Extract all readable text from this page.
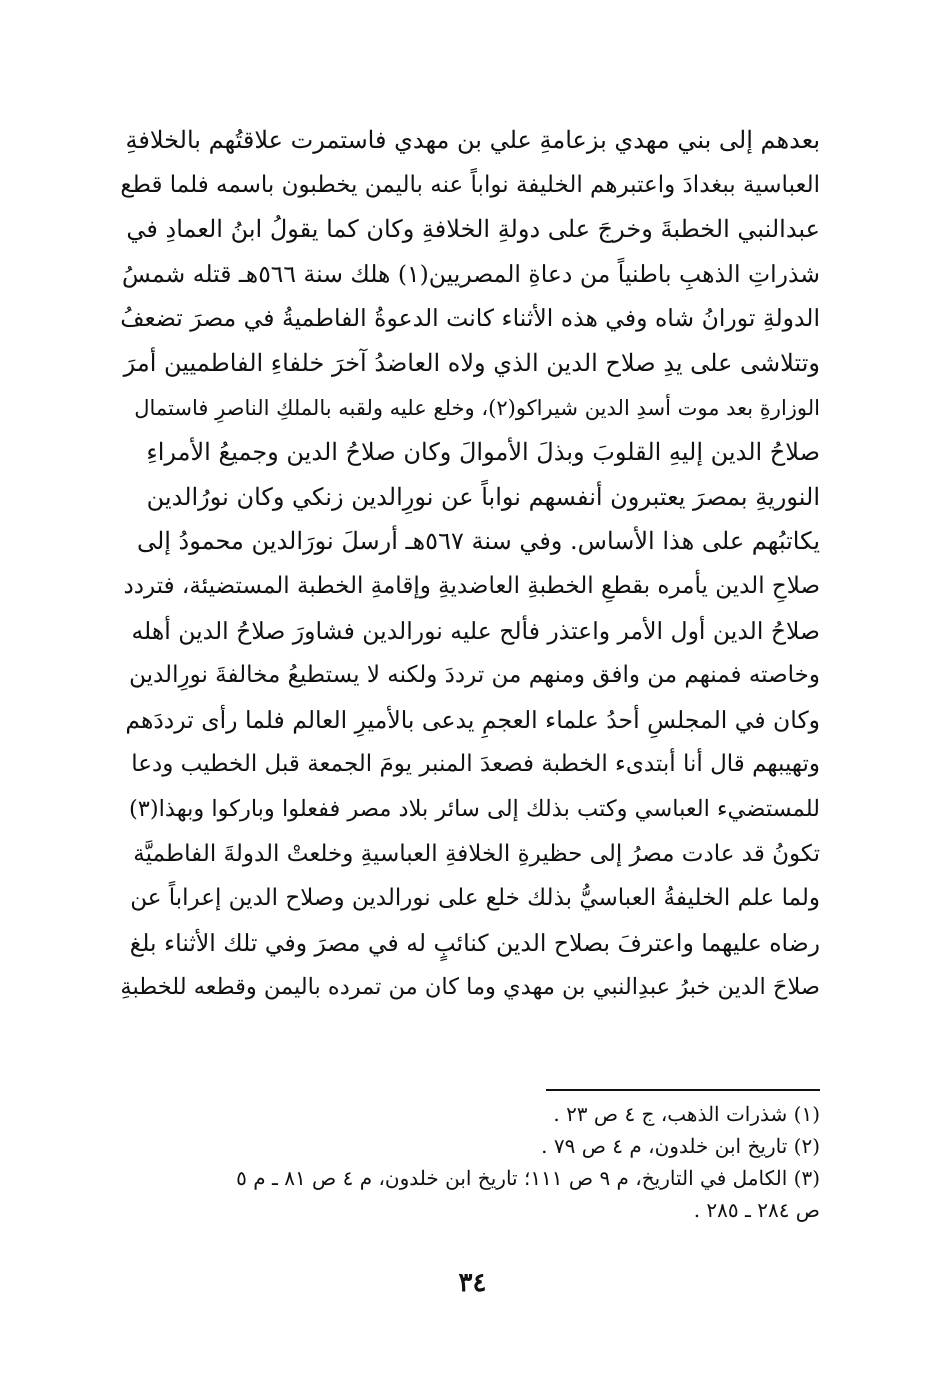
بعدهم إلى بني مهدي بزعامةِ علي بن مهدي فاستمرت علاقتُهم بالخلافةِ
العباسية ببغدادَ واعتبرهم الخليفة نواباً عنه باليمن يخطبون باسمه فلما قطع
عبدالنبي الخطبةَ وخرجَ على دولةِ الخلافةِ وكان كما يقولُ ابنُ العمادِ في
شذراتِ الذهبِ باطنياً من دعاةِ المصريين(١) هلك سنة ٥٦٦هـ قتله شمسُ
الدولةِ تورانُ شاه وفي هذه الأثناء كانت الدعوةُ الفاطميةُ في مصرَ تضعفُ
وتتلاشى على يدِ صلاح الدين الذي ولاه العاضدُ آخرَ خلفاءِ الفاطميين أمرَ
الوزارةِ بعد موت أسدِ الدين شيراكو(٢)، وخلع عليه ولقبه بالملكِ الناصرِ فاستمال
صلاحُ الدين إليهِ القلوبَ وبذلَ الأموالَ وكان صلاحُ الدين وجميعُ الأمراءِ
النوريةِ بمصرَ يعتبرون أنفسهم نواباً عن نورِالدين زنكي وكان نورُالدين
يكاتبُهم على هذا الأساس. وفي سنة ٥٦٧هـ أرسلَ نورَالدين محمودُ إلى
صلاحِ الدين يأمره بقطعِ الخطبةِ العاضديةِ وإقامةِ الخطبة المستضيئة، فتردد
صلاحُ الدين أول الأمر واعتذر فألح عليه نورالدين فشاورَ صلاحُ الدين أهله
وخاصته فمنهم من وافق ومنهم من ترددَ ولكنه لا يستطيعُ مخالفةَ نورِالدين
وكان في المجلسِ أحدُ علماء العجمِ يدعى بالأميرِ العالم فلما رأى ترددَهم
وتهيبهم قال أنا أبتدىء الخطبة فصعدَ المنبر يومَ الجمعة قبل الخطيب ودعا
للمستضيء العباسي وكتب بذلك إلى سائر بلاد مصر ففعلوا وباركوا وبهذا(٣)
تكونُ قد عادت مصرُ إلى حظيرةِ الخلافةِ العباسيةِ وخلعتْ الدولةَ الفاطميَّة
ولما علم الخليفةُ العباسيُّ بذلك خلع على نورالدين وصلاح الدين إعراباً عن
رضاه عليهما واعترفَ بصلاح الدين كنائبٍ له في مصرَ وفي تلك الأثناء بلغ
صلاحَ الدين خبرُ عبدِالنبي بن مهدي وما كان من تمرده باليمن وقطعه للخطبةِ
(١) شذرات الذهب، ج ٤ ص ٢٣ .
(٢) تاريخ ابن خلدون، م ٤ ص ٧٩ .
(٣) الكامل في التاريخ، م ٩ ص ١١١؛ تاريخ ابن خلدون، م ٤ ص ٨١ ـ م ٥
ص ٢٨٤ ـ ٢٨٥ .
٣٤
